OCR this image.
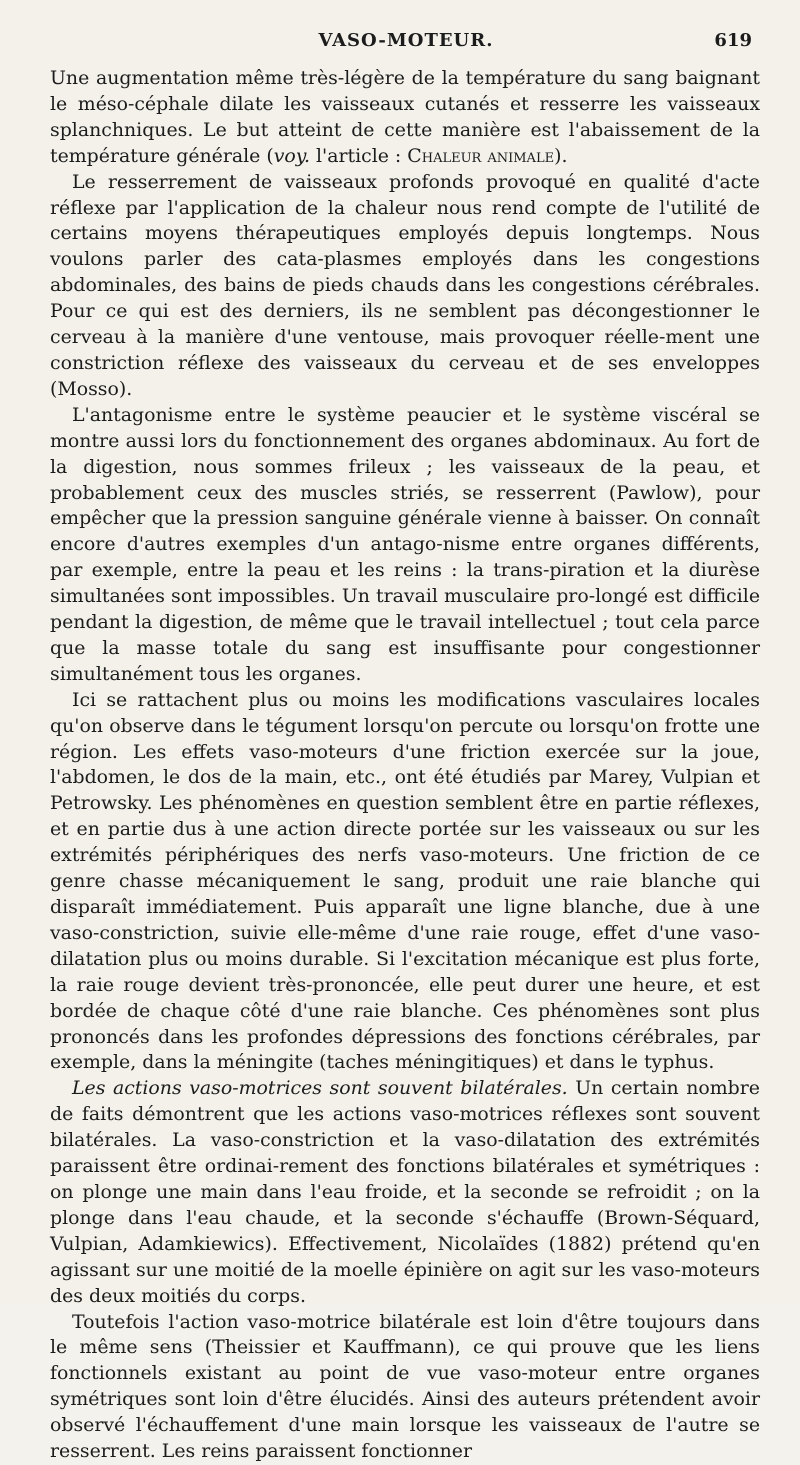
VASO-MOTEUR.	619

Une augmentation même très-légère de la température du sang baignant le méso-céphale dilate les vaisseaux cutanés et resserre les vaisseaux splanchniques. Le but atteint de cette manière est l'abaissement de la température générale (voy. l'article : Chaleur animale).

Le resserrement de vaisseaux profonds provoqué en qualité d'acte réflexe par l'application de la chaleur nous rend compte de l'utilité de certains moyens thérapeutiques employés depuis longtemps. Nous voulons parler des cata-plasmes employés dans les congestions abdominales, des bains de pieds chauds dans les congestions cérébrales. Pour ce qui est des derniers, ils ne semblent pas décongestionner le cerveau à la manière d'une ventouse, mais provoquer réelle-ment une constriction réflexe des vaisseaux du cerveau et de ses enveloppes (Mosso).

L'antagonisme entre le système peaucier et le système viscéral se montre aussi lors du fonctionnement des organes abdominaux. Au fort de la digestion, nous sommes frileux ; les vaisseaux de la peau, et probablement ceux des muscles striés, se resserrent (Pawlow), pour empêcher que la pression sanguine générale vienne à baisser. On connaît encore d'autres exemples d'un antago-nisme entre organes différents, par exemple, entre la peau et les reins : la trans-piration et la diurèse simultanées sont impossibles. Un travail musculaire pro-longé est difficile pendant la digestion, de même que le travail intellectuel ; tout cela parce que la masse totale du sang est insuffisante pour congestionner simultanément tous les organes.

Ici se rattachent plus ou moins les modifications vasculaires locales qu'on observe dans le tégument lorsqu'on percute ou lorsqu'on frotte une région. Les effets vaso-moteurs d'une friction exercée sur la joue, l'abdomen, le dos de la main, etc., ont été étudiés par Marey, Vulpian et Petrowsky. Les phénomènes en question semblent être en partie réflexes, et en partie dus à une action directe portée sur les vaisseaux ou sur les extrémités périphériques des nerfs vaso-moteurs. Une friction de ce genre chasse mécaniquement le sang, produit une raie blanche qui disparaît immédiatement. Puis apparaît une ligne blanche, due à une vaso-constriction, suivie elle-même d'une raie rouge, effet d'une vaso-dilatation plus ou moins durable. Si l'excitation mécanique est plus forte, la raie rouge devient très-prononcée, elle peut durer une heure, et est bordée de chaque côté d'une raie blanche. Ces phénomènes sont plus prononcés dans les profondes dépressions des fonctions cérébrales, par exemple, dans la méningite (taches méningitiques) et dans le typhus.

Les actions vaso-motrices sont souvent bilatérales. Un certain nombre de faits démontrent que les actions vaso-motrices réflexes sont souvent bilatérales. La vaso-constriction et la vaso-dilatation des extrémités paraissent être ordinai-rement des fonctions bilatérales et symétriques : on plonge une main dans l'eau froide, et la seconde se refroidit ; on la plonge dans l'eau chaude, et la seconde s'échauffe (Brown-Séquard, Vulpian, Adamkiewics). Effectivement, Nicolaïdes (1882) prétend qu'en agissant sur une moitié de la moelle épinière on agit sur les vaso-moteurs des deux moitiés du corps.

Toutefois l'action vaso-motrice bilatérale est loin d'être toujours dans le même sens (Theissier et Kauffmann), ce qui prouve que les liens fonctionnels existant au point de vue vaso-moteur entre organes symétriques sont loin d'être élucidés. Ainsi des auteurs prétendent avoir observé l'échauffement d'une main lorsque les vaisseaux de l'autre se resserrent. Les reins paraissent fonctionner
